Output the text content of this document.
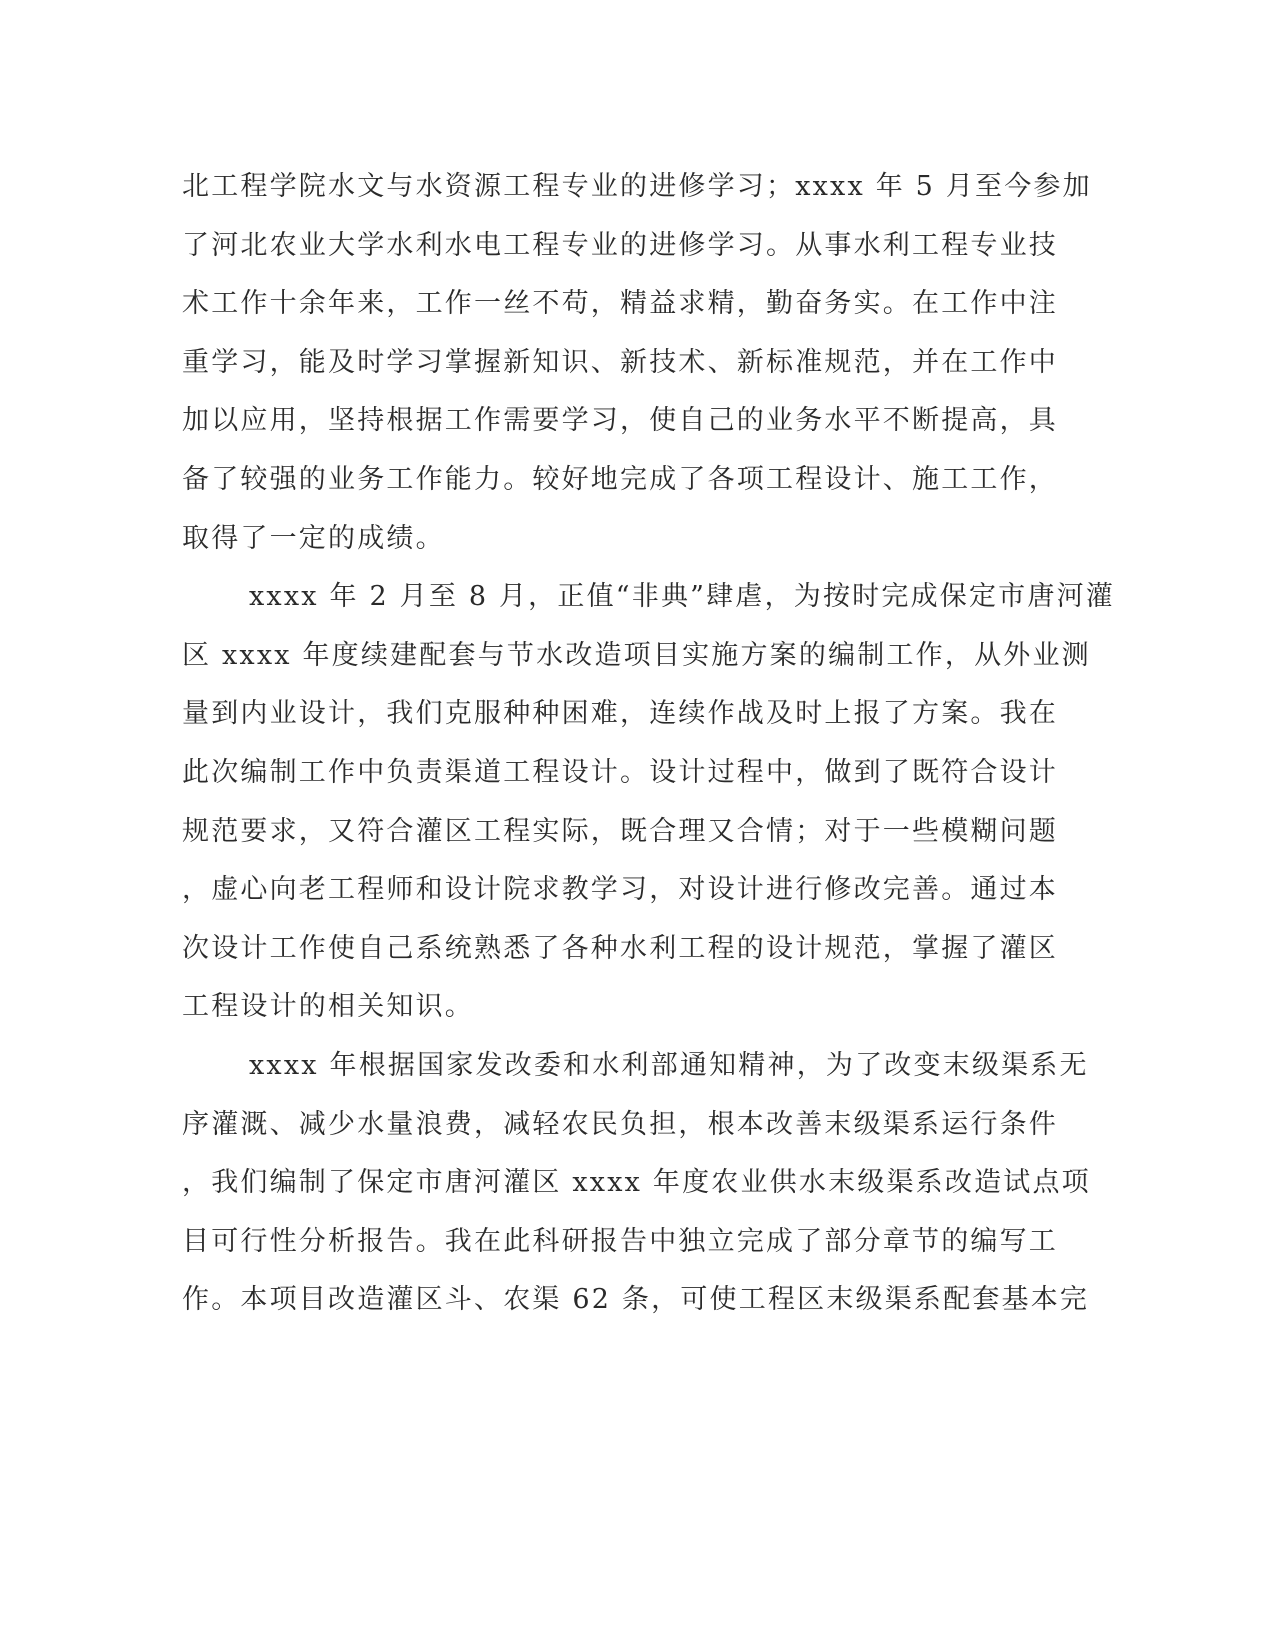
北工程学院水文与水资源工程专业的进修学习；xxxx 年 5 月至今参加
了河北农业大学水利水电工程专业的进修学习。从事水利工程专业技
术工作十余年来，工作一丝不苟，精益求精，勤奋务实。在工作中注
重学习，能及时学习掌握新知识、新技术、新标准规范，并在工作中
加以应用，坚持根据工作需要学习，使自己的业务水平不断提高，具
备了较强的业务工作能力。较好地完成了各项工程设计、施工工作，
取得了一定的成绩。
xxxx 年 2 月至 8 月，正值“非典”肆虐，为按时完成保定市唐河灌
区 xxxx 年度续建配套与节水改造项目实施方案的编制工作，从外业测
量到内业设计，我们克服种种困难，连续作战及时上报了方案。我在
此次编制工作中负责渠道工程设计。设计过程中，做到了既符合设计
规范要求，又符合灌区工程实际，既合理又合情；对于一些模糊问题
，虚心向老工程师和设计院求教学习，对设计进行修改完善。通过本
次设计工作使自己系统熟悉了各种水利工程的设计规范，掌握了灌区
工程设计的相关知识。
xxxx 年根据国家发改委和水利部通知精神，为了改变末级渠系无
序灌溉、减少水量浪费，减轻农民负担，根本改善末级渠系运行条件
，我们编制了保定市唐河灌区 xxxx 年度农业供水末级渠系改造试点项
目可行性分析报告。我在此科研报告中独立完成了部分章节的编写工
作。本项目改造灌区斗、农渠 62 条，可使工程区末级渠系配套基本完
